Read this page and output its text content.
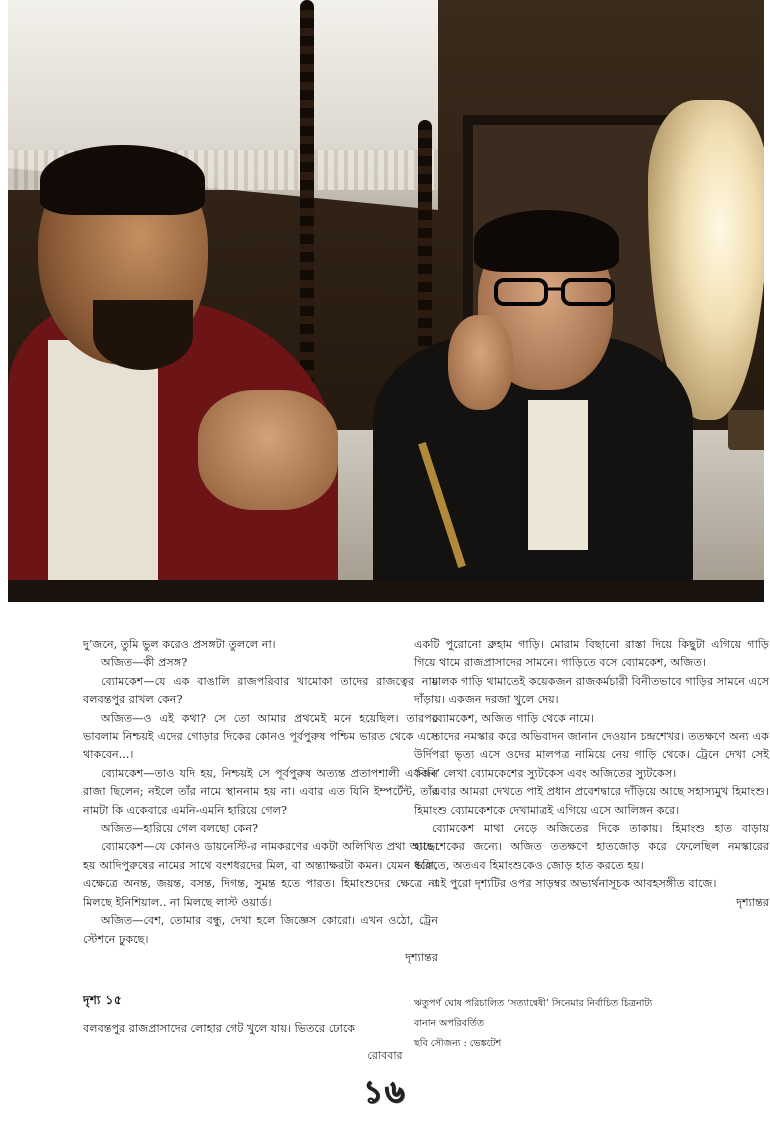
দু’জনে, তুমি ভুল করেও প্রসঙ্গটা তুললে না।

অজিত—কী প্রসঙ্গ?

ব্যোমকেশ—যে এক বাঙালি রাজপরিবার খামোকা তাদের রাজত্বের নাম বলবন্তপুর রাখল কেন?

অজিত—ও এই কথা? সে তো আমার প্রথমেই মনে হয়েছিল। তারপর ভাবলাম নিশ্চয়ই এদের গোড়ার দিকের কোনও পূর্বপুরুষ পশ্চিম ভারত থেকে এসে থাকবেন...।

ব্যোমকেশ—তাও যদি হয়, নিশ্চয়ই সে পূর্বপুরুষ অত্যন্ত প্রতাপশালী একজন রাজা ছিলেন; নইলে তাঁর নামে স্থাননাম হয় না। এবার এত যিনি ইম্পর্টেন্ট, তাঁর নামটা কি একেবারে এমনি-এমনি হারিয়ে গেল?

অজিত—হারিয়ে গেল বলছো কেন?

ব্যোমকেশ—যে কোনও ডায়নেস্টি-র নামকরণের একটা অলিখিত প্রথা আছে। হয় আদিপুরুষের নামের সাথে বংশধরদের মিল, বা অন্ত্যাক্ষরটা কমন। যেমন ধরো, এক্ষেত্রে অনন্ত, জয়ন্ত, বসন্ত, দিগন্ত, সুমন্ত হতে পারত। হিমাংশুদের ক্ষেত্রে না মিলছে ইনিশিয়াল.. না মিলছে লাস্ট ওয়ার্ড।

অজিত—বেশ, তোমার বন্ধু, দেখা হলে জিজ্ঞেস কোরো। এখন ওঠো, ট্রেন স্টেশনে ঢুকছে।

দৃশ্যান্তর

দৃশ্য ১৫
বলবন্তপুর রাজপ্রাসাদের লোহার গেট খুলে যায়। ভিতরে ঢোকে

একটি পুরোনো ব্রুহাম গাড়ি। মোরাম বিছানো রাস্তা দিয়ে কিছুটা এগিয়ে গাড়ি গিয়ে থামে রাজপ্রাসাদের সামনে। গাড়িতে বসে ব্যোমকেশ, অজিত।

চালক গাড়ি থামাতেই কয়েকজন রাজকর্মচারী বিনীতভাবে গাড়ির সামনে এসে দাঁড়ায়। একজন দরজা খুলে দেয়।

ব্যোমকেশ, অজিত গাড়ি থেকে নামে।

তাদের নমস্কার করে অভিবাদন জানান দেওয়ান চন্দ্রশেখর। ততক্ষণে অন্য এক উর্দিপরা ভৃত্য এসে ওদের মালপত্র নামিয়ে নেয় গাড়ি থেকে। ট্রেনে দেখা সেই ‘বিবি’ লেখা ব্যোমকেশের স্যুটকেস এবং অজিতের স্যুটকেস।

এবার আমরা দেখতে পাই প্রধান প্রবেশদ্বারে দাঁড়িয়ে আছে সহাস্যমুখ হিমাংশু। হিমাংশু ব্যোমকেশকে দেখামাত্রই এগিয়ে এসে আলিঙ্গন করে।

ব্যোমকেশ মাথা নেড়ে অজিতের দিকে তাকায়। হিমাংশু হাত বাড়ায় হ্যান্ডশেকের জন্যে। অজিত ততক্ষণে হাতজোড় করে ফেলেছিল নমস্কারের ভঙ্গিতে, অতএব হিমাংশুকেও জোড় হাত করতে হয়।

এই পুরো দৃশ্যটির ওপর সাড়ম্বর অভ্যর্থনাসূচক আবহসঙ্গীত বাজে।

দৃশ্যান্তর

ঋতুপর্ণ ঘোষ পরিচালিত ‘সত্যান্বেষী’ সিনেমার নির্বাচিত চিত্রনাট্য
বানান অপরিবর্তিত
ছবি সৌজন্য : ভেঙ্কটেশ
রোববার
১৬
